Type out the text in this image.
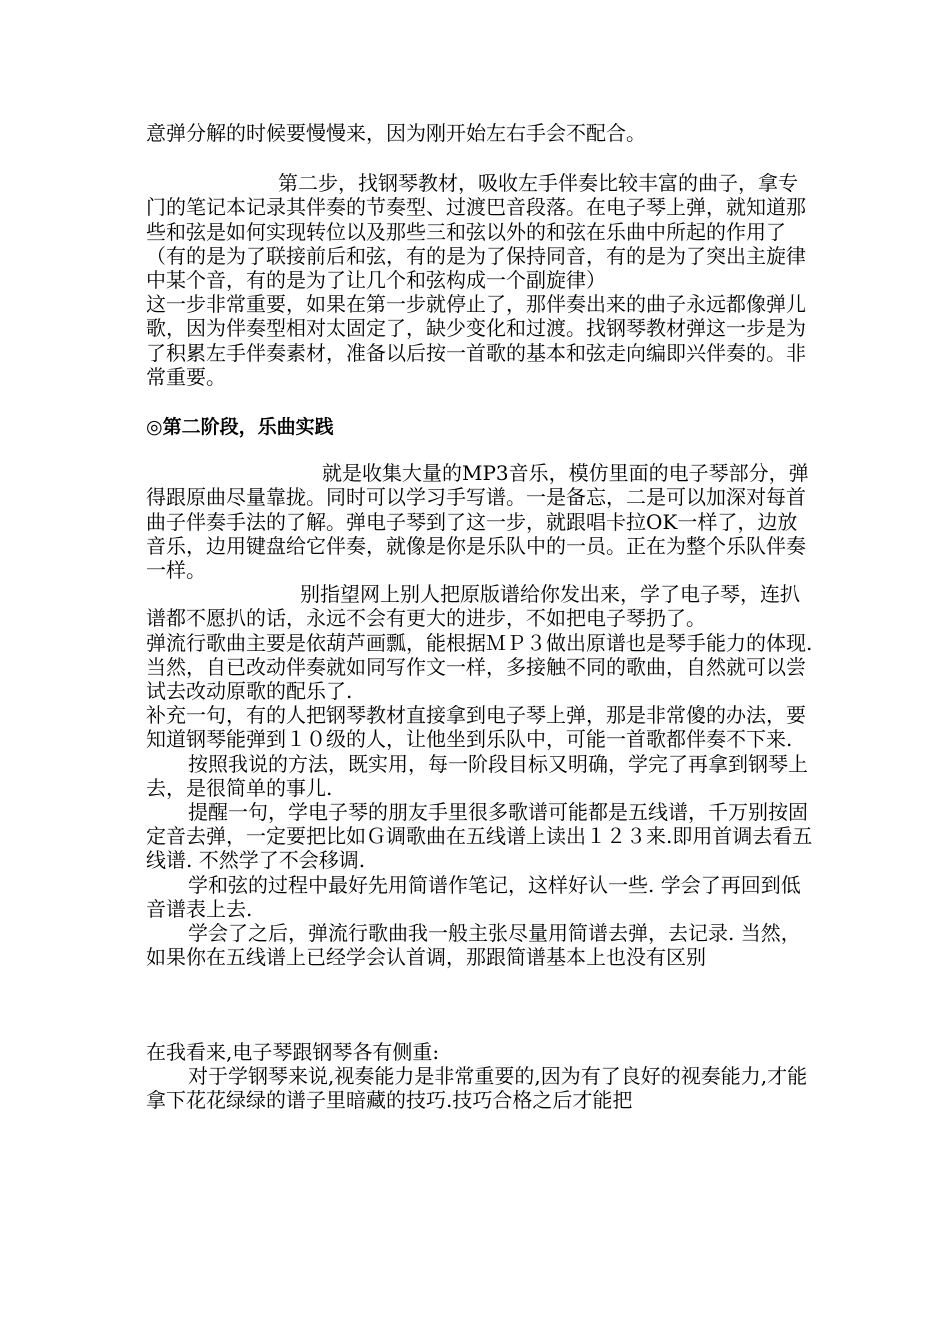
意弹分解的时候要慢慢来，因为刚开始左右手会不配合。

第二步，找钢琴教材，吸收左手伴奏比较丰富的曲子，拿专门的笔记本记录其伴奏的节奏型、过渡巴音段落。在电子琴上弹，就知道那些和弦是如何实现转位以及那些三和弦以外的和弦在乐曲中所起的作用了（有的是为了联接前后和弦，有的是为了保持同音，有的是为了突出主旋律中某个音，有的是为了让几个和弦构成一个副旋律）

这一步非常重要，如果在第一步就停止了，那伴奏出来的曲子永远都像弹儿歌，因为伴奏型相对太固定了，缺少变化和过渡。找钢琴教材弹这一步是为了积累左手伴奏素材，准备以后按一首歌的基本和弦走向编即兴伴奏的。非常重要。

◎第二阶段，乐曲实践

就是收集大量的MP3音乐，模仿里面的电子琴部分，弹得跟原曲尽量靠拢。同时可以学习手写谱。一是备忘，二是可以加深对每首曲子伴奏手法的了解。弹电子琴到了这一步，就跟唱卡拉OK一样了，边放音乐，边用键盘给它伴奏，就像是你是乐队中的一员。正在为整个乐队伴奏一样。

别指望网上别人把原版谱给你发出来，学了电子琴，连扒谱都不愿扒的话，永远不会有更大的进步，不如把电子琴扔了。

弹流行歌曲主要是依葫芦画瓢，能根据ＭＰ３做出原谱也是琴手能力的体现.当然，自已改动伴奏就如同写作文一样，多接触不同的歌曲，自然就可以尝试去改动原歌的配乐了.

补充一句，有的人把钢琴教材直接拿到电子琴上弹，那是非常傻的办法，要知道钢琴能弹到１０级的人，让他坐到乐队中，可能一首歌都伴奏不下来.

按照我说的方法，既实用，每一阶段目标又明确，学完了再拿到钢琴上去，是很简单的事儿.

提醒一句，学电子琴的朋友手里很多歌谱可能都是五线谱，千万别按固定音去弹，一定要把比如Ｇ调歌曲在五线谱上读出１２３来.即用首调去看五线谱. 不然学了不会移调.

学和弦的过程中最好先用简谱作笔记，这样好认一些. 学会了再回到低音谱表上去.

学会了之后，弹流行歌曲我一般主张尽量用简谱去弹，去记录. 当然，如果你在五线谱上已经学会认首调，那跟简谱基本上也没有区别

在我看来,电子琴跟钢琴各有侧重:

对于学钢琴来说,视奏能力是非常重要的,因为有了良好的视奏能力,才能拿下花花绿绿的谱子里暗藏的技巧.技巧合格之后才能把
